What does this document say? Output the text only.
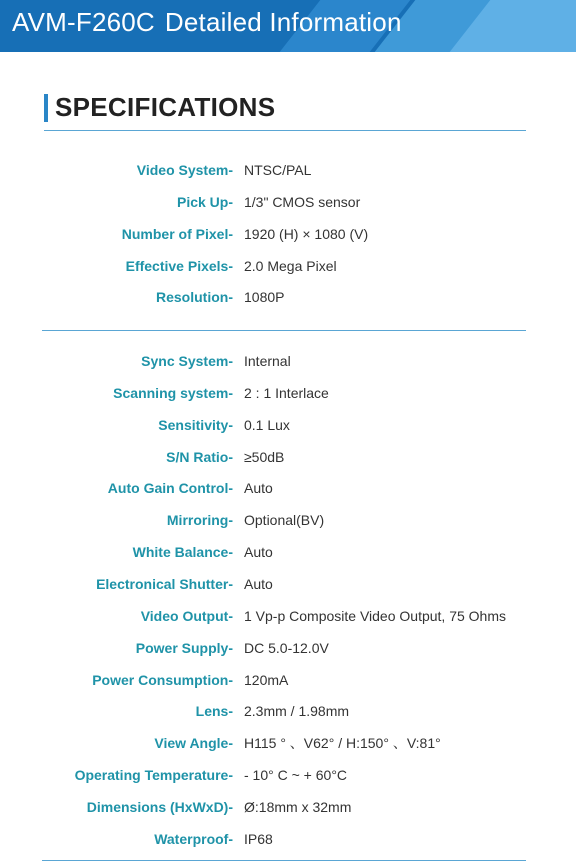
AVM-F260C Detailed Information
SPECIFICATIONS
Video System- NTSC/PAL
Pick Up- 1/3" CMOS sensor
Number of Pixel- 1920 (H) × 1080 (V)
Effective Pixels- 2.0 Mega Pixel
Resolution- 1080P
Sync System- Internal
Scanning system- 2 : 1 Interlace
Sensitivity- 0.1 Lux
S/N Ratio- ≥50dB
Auto Gain Control- Auto
Mirroring- Optional(BV)
White Balance- Auto
Electronical Shutter- Auto
Video Output- 1 Vp-p Composite Video Output, 75 Ohms
Power Supply- DC 5.0-12.0V
Power Consumption- 120mA
Lens- 2.3mm / 1.98mm
View Angle- H115 ° 、V62° / H:150° 、V:81°
Operating Temperature- - 10° C ~ + 60°C
Dimensions (HxWxD)- Ø:18mm x 32mm
Waterproof- IP68
